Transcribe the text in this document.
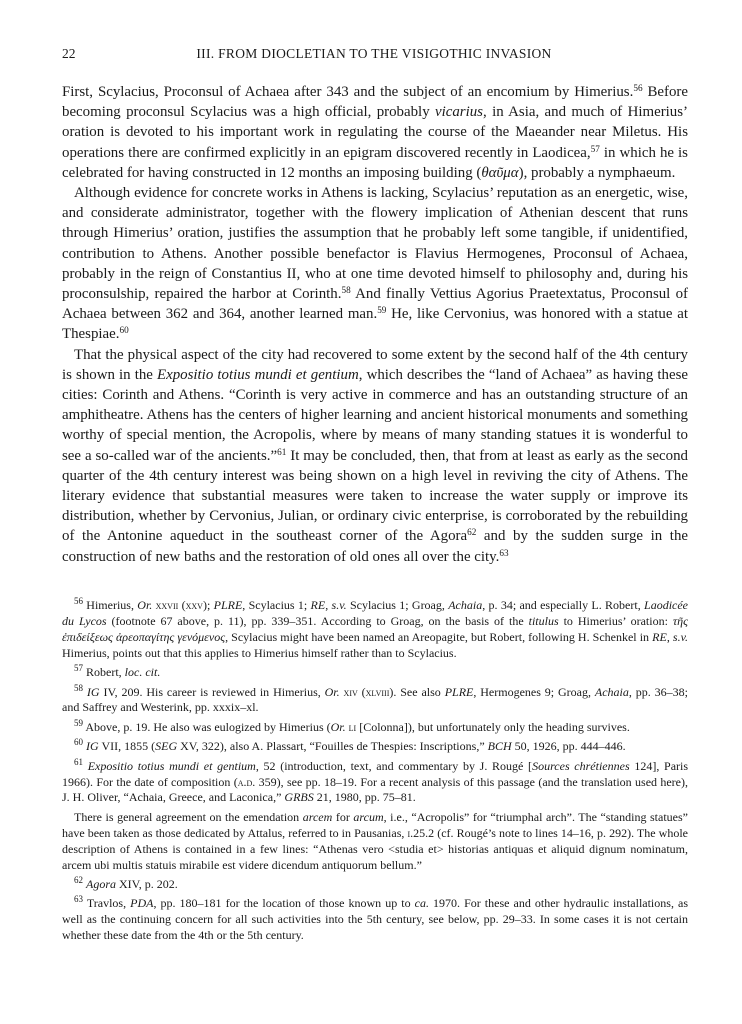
22	III. FROM DIOCLETIAN TO THE VISIGOTHIC INVASION

First, Scylacius, Proconsul of Achaea after 343 and the subject of an encomium by Himerius.$^{56}$ Before becoming proconsul Scylacius was a high official, probably vicarius, in Asia, and much of Himerius’ oration is devoted to his important work in regulating the course of the Maeander near Miletus. His operations there are confirmed explicitly in an epigram discovered recently in Laodicea,$^{57}$ in which he is celebrated for having constructed in 12 months an imposing building (θαῦμα), probably a nymphaeum.

Although evidence for concrete works in Athens is lacking, Scylacius’ reputation as an energetic, wise, and considerate administrator, together with the flowery implication of Athenian descent that runs through Himerius’ oration, justifies the assumption that he probably left some tangible, if unidentified, contribution to Athens. Another possible benefactor is Flavius Hermogenes, Proconsul of Achaea, probably in the reign of Constantius II, who at one time devoted himself to philosophy and, during his proconsulship, repaired the harbor at Corinth.$^{58}$ And finally Vettius Agorius Praetextatus, Proconsul of Achaea between 362 and 364, another learned man.$^{59}$ He, like Cervonius, was honored with a statue at Thespiae.$^{60}$

That the physical aspect of the city had recovered to some extent by the second half of the 4th century is shown in the Expositio totius mundi et gentium, which describes the “land of Achaea” as having these cities: Corinth and Athens. “Corinth is very active in commerce and has an outstanding structure of an amphitheatre. Athens has the centers of higher learning and ancient historical monuments and something worthy of special mention, the Acropolis, where by means of many standing statues it is wonderful to see a so-called war of the ancients.”$^{61}$ It may be concluded, then, that from at least as early as the second quarter of the 4th century interest was being shown on a high level in reviving the city of Athens. The literary evidence that substantial measures were taken to increase the water supply or improve its distribution, whether by Cervonius, Julian, or ordinary civic enterprise, is corroborated by the rebuilding of the Antonine aqueduct in the southeast corner of the Agora$^{62}$ and by the sudden surge in the construction of new baths and the restoration of old ones all over the city.$^{63}$

$^{56}$ Himerius, Or. xxvii (xxv); PLRE, Scylacius 1; RE, s.v. Scylacius 1; Groag, Achaia, p. 34; and especially L. Robert, Laodicée du Lycos (footnote 67 above, p. 11), pp. 339–351. According to Groag, on the basis of the titulus to Himerius’ oration: τῆς ἐπιδείξεως ἀρεοπαγίτης γενόμενος, Scylacius might have been named an Areopagite, but Robert, following H. Schenkel in RE, s.v. Himerius, points out that this applies to Himerius himself rather than to Scylacius.

$^{57}$ Robert, loc. cit.

$^{58}$ IG IV, 209. His career is reviewed in Himerius, Or. xiv (xlviii). See also PLRE, Hermogenes 9; Groag, Achaia, pp. 36–38; and Saffrey and Westerink, pp. xxxix–xl.

$^{59}$ Above, p. 19. He also was eulogized by Himerius (Or. li [Colonna]), but unfortunately only the heading survives.

$^{60}$ IG VII, 1855 (SEG XV, 322), also A. Plassart, “Fouilles de Thespies: Inscriptions,” BCH 50, 1926, pp. 444–446.

$^{61}$ Expositio totius mundi et gentium, 52 (introduction, text, and commentary by J. Rougé [Sources chrétiennes 124], Paris 1966). For the date of composition (a.d. 359), see pp. 18–19. For a recent analysis of this passage (and the translation used here), J. H. Oliver, “Achaia, Greece, and Laconica,” GRBS 21, 1980, pp. 75–81.

There is general agreement on the emendation arcem for arcum, i.e., “Acropolis” for “triumphal arch”. The “standing statues” have been taken as those dedicated by Attalus, referred to in Pausanias, i.25.2 (cf. Rougé’s note to lines 14–16, p. 292). The whole description of Athens is contained in a few lines: “Athenas vero <studia et> historias antiquas et aliquid dignum nominatum, arcem ubi multis statuis mirabile est videre dicendum antiquorum bellum.”

$^{62}$ Agora XIV, p. 202.

$^{63}$ Travlos, PDA, pp. 180–181 for the location of those known up to ca. 1970. For these and other hydraulic installations, as well as the continuing concern for all such activities into the 5th century, see below, pp. 29–33. In some cases it is not certain whether these date from the 4th or the 5th century.
